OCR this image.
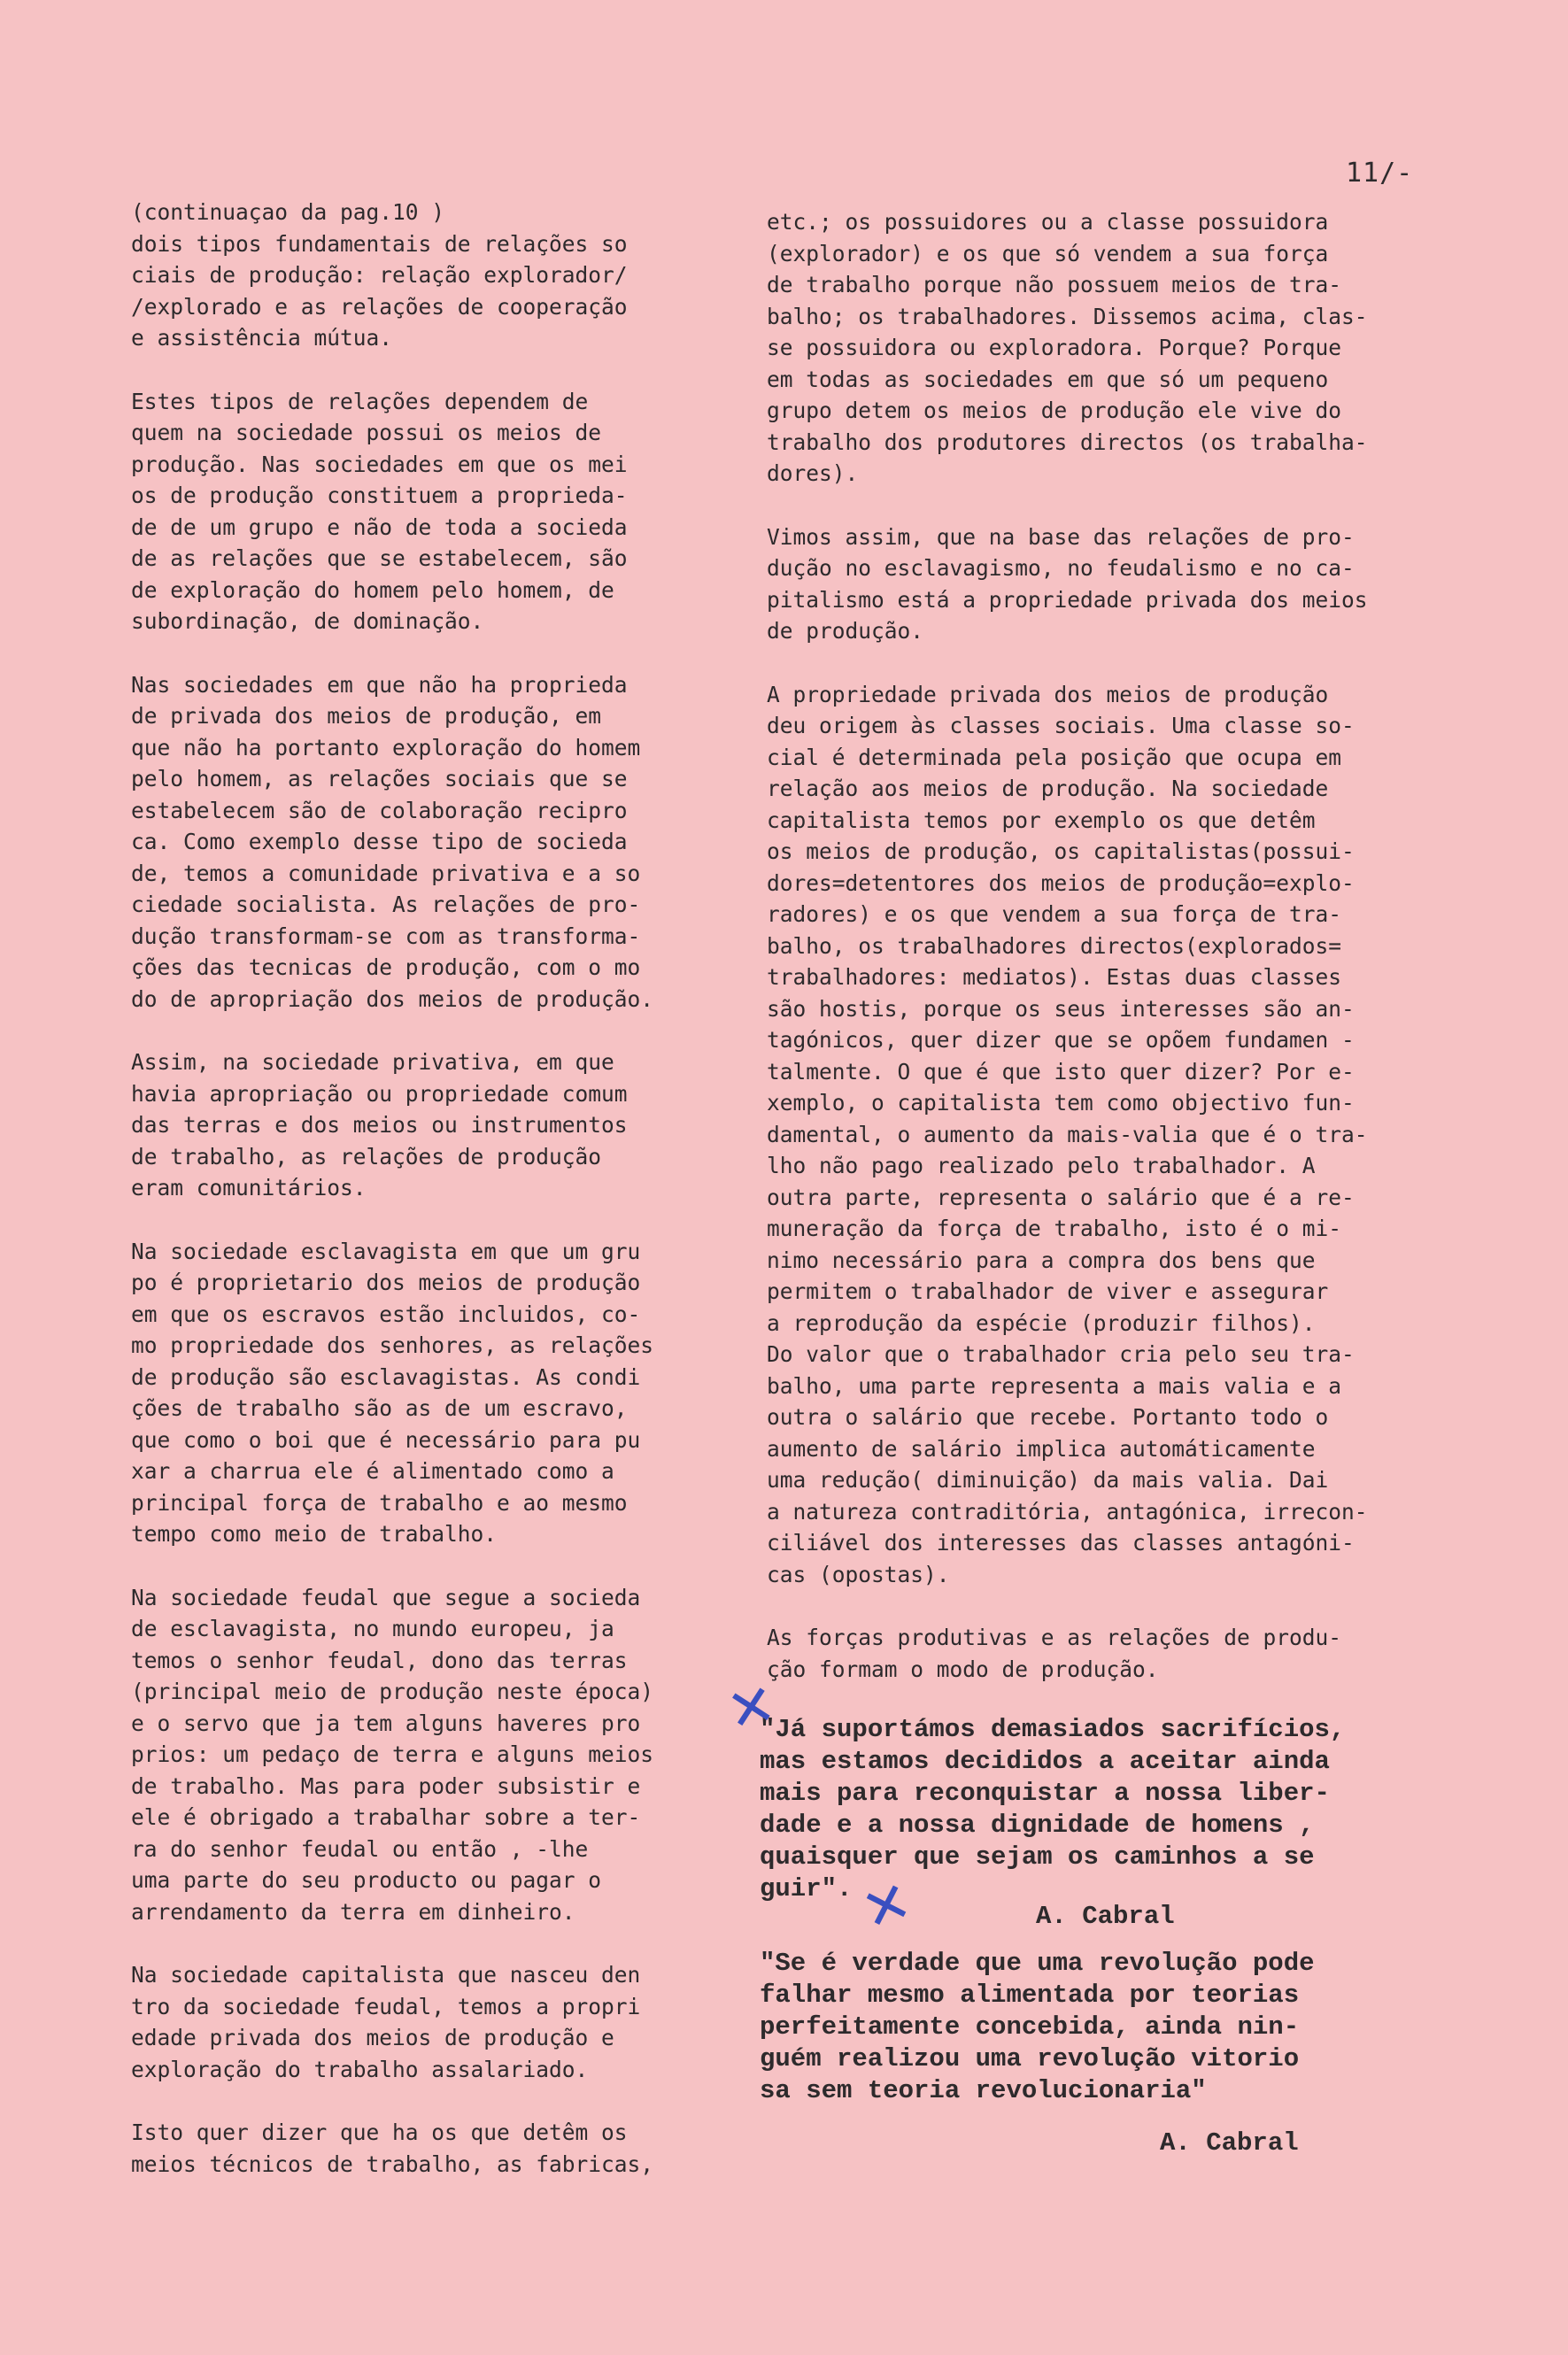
11/-

(continuaçao da pag.10 )
dois tipos fundamentais de relações so
ciais de produção: relação explorador/
/explorado e as relações de cooperação
e assistência mútua.

Estes tipos de relações dependem de
quem na sociedade possui os meios de
produção. Nas sociedades em que os mei
os de produção constituem a proprieda-
de de um grupo e não de toda a socieda
de as relações que se estabelecem, são
de exploração do homem pelo homem, de
subordinação, de dominação.

Nas sociedades em que não ha proprieda
de privada dos meios de produção, em
que não ha portanto exploração do homem
pelo homem, as relações sociais que se
estabelecem são de colaboração recipro
ca. Como exemplo desse tipo de socieda
de, temos a comunidade privativa e a so
ciedade socialista. As relações de pro-
dução transformam-se com as transforma-
ções das tecnicas de produção, com o mo
do de apropriação dos meios de produção.

Assim, na sociedade privativa, em que
havia apropriação ou propriedade comum
das terras e dos meios ou instrumentos
de trabalho, as relações de produção
eram comunitários.

Na sociedade esclavagista em que um gru
po é proprietario dos meios de produção
em que os escravos estão incluidos, co-
mo propriedade dos senhores, as relações
de produção são esclavagistas. As condi
ções de trabalho são as de um escravo,
que como o boi que é necessário para pu
xar a charrua ele é alimentado como a
principal força de trabalho e ao mesmo
tempo como meio de trabalho.

Na sociedade feudal que segue a socieda
de esclavagista, no mundo europeu, ja
temos o senhor feudal, dono das terras
(principal meio de produção neste época)
e o servo que ja tem alguns haveres pro
prios: um pedaço de terra e alguns meios
de trabalho. Mas para poder subsistir e
ele é obrigado a trabalhar sobre a ter-
ra do senhor feudal ou então , -lhe
uma parte do seu producto ou pagar o
arrendamento da terra em dinheiro.

Na sociedade capitalista que nasceu den
tro da sociedade feudal, temos a propri
edade privada dos meios de produção e
exploração do trabalho assalariado.

Isto quer dizer que ha os que detêm os
meios técnicos de trabalho, as fabricas,

etc.; os possuidores ou a classe possuidora
(explorador) e os que só vendem a sua força
de trabalho porque não possuem meios de tra-
balho; os trabalhadores. Dissemos acima, clas-
se possuidora ou exploradora. Porque? Porque
em todas as sociedades em que só um pequeno
grupo detem os meios de produção ele vive do
trabalho dos produtores directos (os trabalha-
dores).

Vimos assim, que na base das relações de pro-
dução no esclavagismo, no feudalismo e no ca-
pitalismo está a propriedade privada dos meios
de produção.

A propriedade privada dos meios de produção
deu origem às classes sociais. Uma classe so-
cial é determinada pela posição que ocupa em
relação aos meios de produção. Na sociedade
capitalista temos por exemplo os que detêm
os meios de produção, os capitalistas(possui-
dores=detentores dos meios de produção=explo-
radores) e os que vendem a sua força de tra-
balho, os trabalhadores directos(explorados=
trabalhadores: mediatos). Estas duas classes
são hostis, porque os seus interesses são an-
tagónicos, quer dizer que se opõem fundamen -
talmente. O que é que isto quer dizer? Por e-
xemplo, o capitalista tem como objectivo fun-
damental, o aumento da mais-valia que é o tra-
lho não pago realizado pelo trabalhador. A
outra parte, representa o salário que é a re-
muneração da força de trabalho, isto é o mi-
nimo necessário para a compra dos bens que
permitem o trabalhador de viver e assegurar
a reprodução da espécie (produzir filhos).
Do valor que o trabalhador cria pelo seu tra-
balho, uma parte representa a mais valia e a
outra o salário que recebe. Portanto todo o
aumento de salário implica automáticamente
uma redução( diminuição) da mais valia. Dai
a natureza contraditória, antagónica, irrecon-
ciliável dos interesses das classes antagóni-
cas (opostas).

As forças produtivas e as relações de produ-
ção formam o modo de produção.

"Já suportámos demasiados sacrifícios,
mas estamos decididos a aceitar ainda
mais para reconquistar a nossa liber-
dade e a nossa dignidade de homens ,
quaisquer que sejam os caminhos a se
guir".

A. Cabral

"Se é verdade que uma revolução pode
falhar mesmo alimentada por teorias
perfeitamente concebida, ainda nin-
guém realizou uma revolução vitorio
sa sem teoria revolucionaria"

A. Cabral
✕
✕
